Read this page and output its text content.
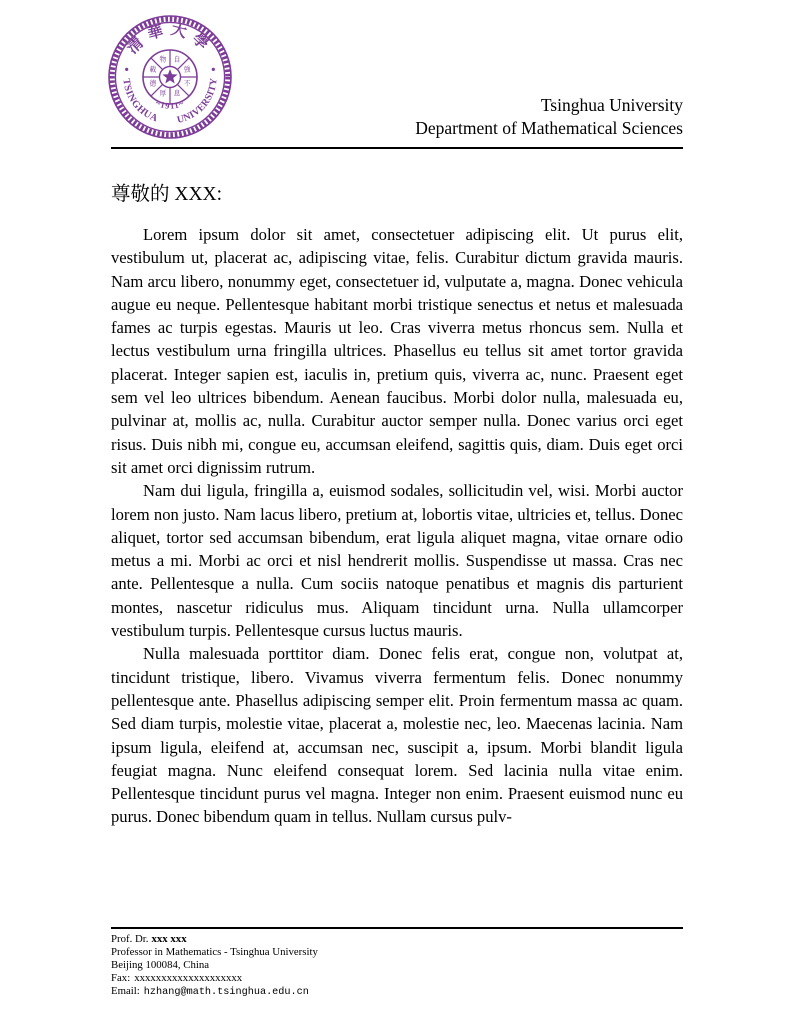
清華大學
TSINGHUA UNIVERSITY
~1911~
自
強
不
息
厚
德
載
物
Tsinghua University
Department of Mathematical Sciences
尊敬的 XXX:

Lorem ipsum dolor sit amet, consectetuer adipiscing elit. Ut purus elit, vestibulum ut, placerat ac, adipiscing vitae, felis. Curabitur dictum gravida mauris. Nam arcu libero, nonummy eget, consectetuer id, vulputate a, magna. Donec vehicula augue eu neque. Pellentesque habitant morbi tristique senectus et netus et malesuada fames ac turpis egestas. Mauris ut leo. Cras viverra metus rhoncus sem. Nulla et lectus vestibulum urna fringilla ultrices. Phasellus eu tellus sit amet tortor gravida placerat. Integer sapien est, iaculis in, pretium quis, viverra ac, nunc. Praesent eget sem vel leo ultrices bibendum. Aenean faucibus. Morbi dolor nulla, malesuada eu, pulvinar at, mollis ac, nulla. Curabitur auctor semper nulla. Donec varius orci eget risus. Duis nibh mi, congue eu, accumsan eleifend, sagittis quis, diam. Duis eget orci sit amet orci dignissim rutrum.

Nam dui ligula, fringilla a, euismod sodales, sollicitudin vel, wisi. Morbi auctor lorem non justo. Nam lacus libero, pretium at, lobortis vitae, ultricies et, tellus. Donec aliquet, tortor sed accumsan bibendum, erat ligula aliquet magna, vitae ornare odio metus a mi. Morbi ac orci et nisl hendrerit mollis. Suspendisse ut massa. Cras nec ante. Pellentesque a nulla. Cum sociis natoque penatibus et magnis dis parturient montes, nascetur ridiculus mus. Aliquam tincidunt urna. Nulla ullamcorper vestibulum turpis. Pellentesque cursus luctus mauris.

Nulla malesuada porttitor diam. Donec felis erat, congue non, volutpat at, tincidunt tristique, libero. Vivamus viverra fermentum felis. Donec nonummy pellentesque ante. Phasellus adipiscing semper elit. Proin fermentum massa ac quam. Sed diam turpis, molestie vitae, placerat a, molestie nec, leo. Maecenas lacinia. Nam ipsum ligula, eleifend at, accumsan nec, suscipit a, ipsum. Morbi blandit ligula feugiat magna. Nunc eleifend consequat lorem. Sed lacinia nulla vitae enim. Pellentesque tincidunt purus vel magna. Integer non enim. Praesent euismod nunc eu purus. Donec bibendum quam in tellus. Nullam cursus pulv-

Prof. Dr. xxx xxx
Professor in Mathematics - Tsinghua University
Beijing 100084, China
Fax: xxxxxxxxxxxxxxxxxxxx
Email: hzhang@math.tsinghua.edu.cn
